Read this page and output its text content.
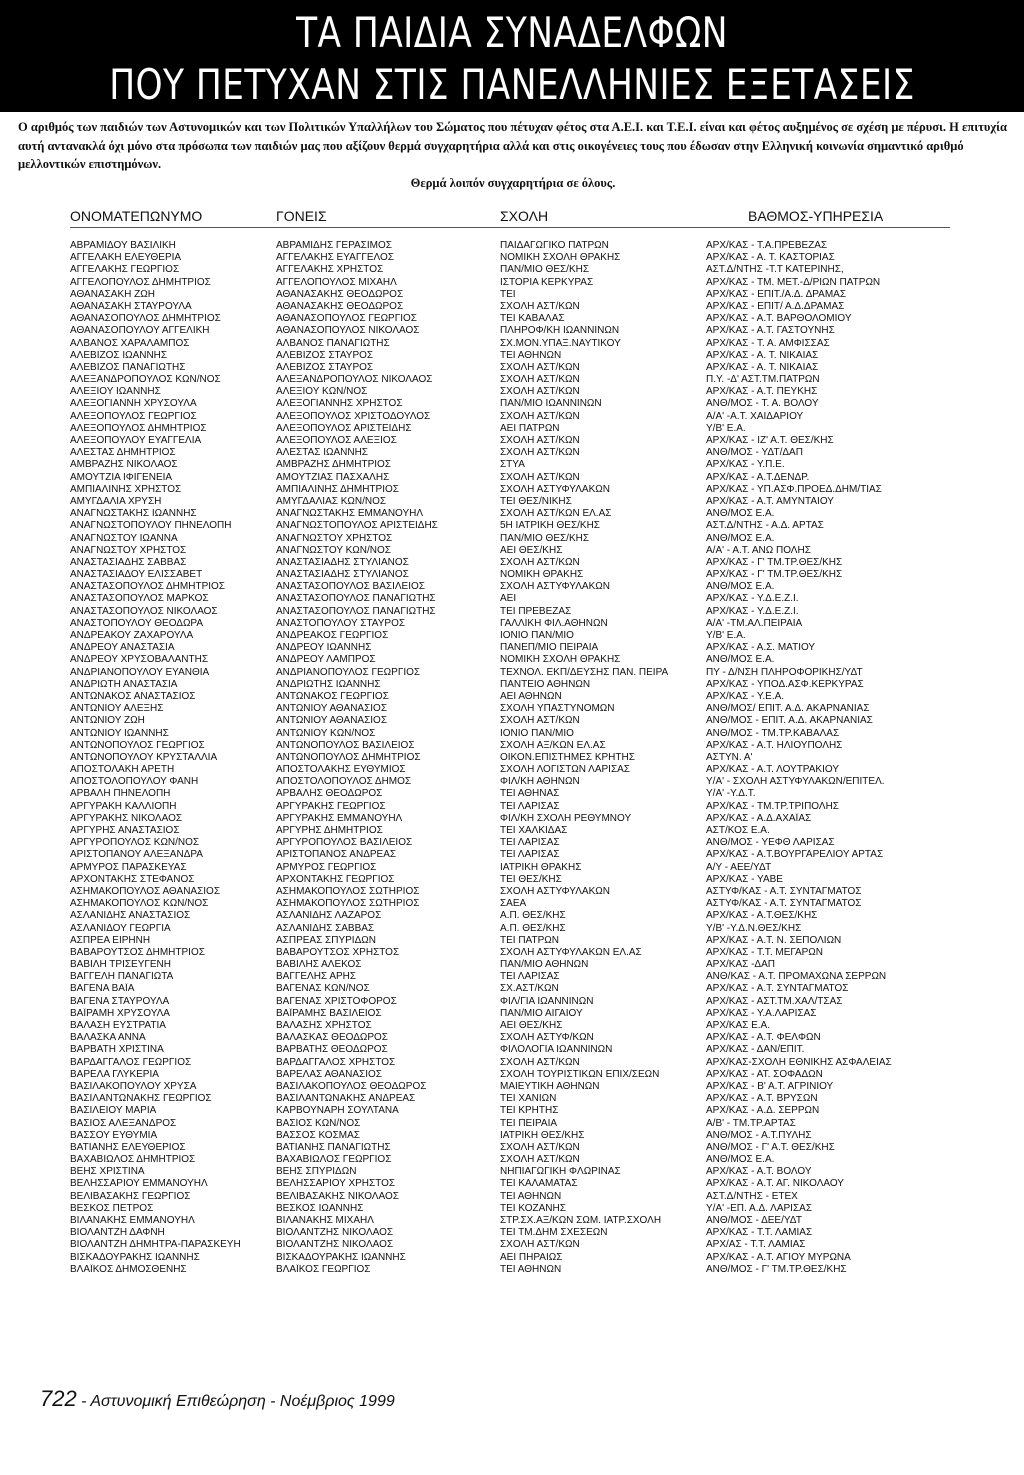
ΤΑ ΠΑΙΔΙΑ ΣΥΝΑΔΕΛΦΩΝ
ΠΟΥ ΠΕΤΥΧΑΝ ΣΤΙΣ ΠΑΝΕΛΛΗΝΙΕΣ ΕΞΕΤΑΣΕΙΣ

Ο αριθμός των παιδιών των Αστυνομικών και των Πολιτικών Υπαλλήλων του Σώματος που πέτυχαν φέτος στα Α.Ε.Ι. και Τ.Ε.Ι. είναι και φέτος αυξημένος σε σχέση με πέρυσι. Η επιτυχία αυτή αντανακλά όχι μόνο στα πρόσωπα των παιδιών μας που αξίζουν θερμά συγχαρητήρια αλλά και στις οικογένειες τους που έδωσαν στην Ελληνική κοινωνία σημαντικό αριθμό μελλοντικών επιστημόνων.

Θερμά λοιπόν συγχαρητήρια σε όλους.

ΟΝΟΜΑΤΕΠΩΝΥΜΟ	ΓΟΝΕΙΣ	ΣΧΟΛΗ	ΒΑΘΜΟΣ-ΥΠΗΡΕΣΙΑ
ΑΒΡΑΜΙΔΟΥ ΒΑΣΙΛΙΚΗ	ΑΒΡΑΜΙΔΗΣ ΓΕΡΑΣΙΜΟΣ	ΠΑΙΔΑΓΩΓΙΚΟ ΠΑΤΡΩΝ	ΑΡΧ/ΚΑΣ - Τ.Α.ΠΡΕΒΕΖΑΣ
ΑΓΓΕΛΑΚΗ ΕΛΕΥΘΕΡΙΑ	ΑΓΓΕΛΑΚΗΣ ΕΥΑΓΓΕΛΟΣ	ΝΟΜΙΚΗ ΣΧΟΛΗ ΘΡΑΚΗΣ	ΑΡΧ/ΚΑΣ - Α. Τ. ΚΑΣΤΟΡΙΑΣ
ΑΓΓΕΛΑΚΗΣ ΓΕΩΡΓΙΟΣ	ΑΓΓΕΛΑΚΗΣ ΧΡΗΣΤΟΣ	ΠΑΝ/ΜΙΟ ΘΕΣ/ΚΗΣ	ΑΣΤ.Δ/ΝΤΗΣ -Τ.Τ ΚΑΤΕΡΙΝΗΣ,
ΑΓΓΕΛΟΠΟΥΛΟΣ ΔΗΜΗΤΡΙΟΣ	ΑΓΓΕΛΟΠΟΥΛΟΣ ΜΙΧΑΗΛ	ΙΣΤΟΡΙΑ ΚΕΡΚΥΡΑΣ	ΑΡΧ/ΚΑΣ - ΤΜ. ΜΕΤ.-Δ/ΡΙΩΝ ΠΑΤΡΩΝ
ΑΘΑΝΑΣΑΚΗ ΖΩΗ	ΑΘΑΝΑΣΑΚΗΣ ΘΕΟΔΩΡΟΣ	ΤΕΙ	ΑΡΧ/ΚΑΣ - ΕΠΙΤ./Α.Δ. ΔΡΑΜΑΣ
ΑΘΑΝΑΣΑΚΗ ΣΤΑΥΡΟΥΛΑ	ΑΘΑΝΑΣΑΚΗΣ ΘΕΟΔΩΡΟΣ	ΣΧΟΛΗ ΑΣΤ/ΚΩΝ	ΑΡΧ/ΚΑΣ - ΕΠΙΤ/ Α.Δ.ΔΡΑΜΑΣ
ΑΘΑΝΑΣΟΠΟΥΛΟΣ ΔΗΜΗΤΡΙΟΣ	ΑΘΑΝΑΣΟΠΟΥΛΟΣ ΓΕΩΡΓΙΟΣ	ΤΕΙ ΚΑΒΑΛΑΣ	ΑΡΧ/ΚΑΣ - Α.Τ. ΒΑΡΘΟΛΟΜΙΟΥ
ΑΘΑΝΑΣΟΠΟΥΛΟΥ ΑΓΓΕΛΙΚΗ	ΑΘΑΝΑΣΟΠΟΥΛΟΣ ΝΙΚΟΛΑΟΣ	ΠΛΗΡΟΦ/ΚΗ ΙΩΑΝΝΙΝΩΝ	ΑΡΧ/ΚΑΣ - Α.Τ. ΓΑΣΤΟΥΝΗΣ
ΑΛΒΑΝΟΣ ΧΑΡΑΛΑΜΠΟΣ	ΑΛΒΑΝΟΣ ΠΑΝΑΓΙΩΤΗΣ	ΣΧ.ΜΟΝ.ΥΠΑΞ.ΝΑΥΤΙΚΟΥ	ΑΡΧ/ΚΑΣ - Τ. Α. ΑΜΦΙΣΣΑΣ
ΑΛΕΒΙΖΟΣ ΙΩΑΝΝΗΣ	ΑΛΕΒΙΖΟΣ ΣΤΑΥΡΟΣ	ΤΕΙ ΑΘΗΝΩΝ	ΑΡΧ/ΚΑΣ - Α. Τ. ΝΙΚΑΙΑΣ
ΑΛΕΒΙΖΟΣ ΠΑΝΑΓΙΩΤΗΣ	ΑΛΕΒΙΖΟΣ ΣΤΑΥΡΟΣ	ΣΧΟΛΗ ΑΣΤ/ΚΩΝ	ΑΡΧ/ΚΑΣ - Α. Τ. ΝΙΚΑΙΑΣ
ΑΛΕΞΑΝΔΡΟΠΟΥΛΟΣ ΚΩΝ/ΝΟΣ	ΑΛΕΞΑΝΔΡΟΠΟΥΛΟΣ ΝΙΚΟΛΑΟΣ	ΣΧΟΛΗ ΑΣΤ/ΚΩΝ	Π.Υ. -Δ' ΑΣΤ.ΤΜ.ΠΑΤΡΩΝ
ΑΛΕΞΙΟΥ ΙΩΑΝΝΗΣ	ΑΛΕΞΙΟΥ ΚΩΝ/ΝΟΣ	ΣΧΟΛΗ ΑΣΤ/ΚΩΝ	ΑΡΧ/ΚΑΣ - Α.Τ. ΠΕΥΚΗΣ
ΑΛΕΞΟΓΙΑΝΝΗ ΧΡΥΣΟΥΛΑ	ΑΛΕΞΟΓΙΑΝΝΗΣ ΧΡΗΣΤΟΣ	ΠΑΝ/ΜΙΟ ΙΩΑΝΝΙΝΩΝ	ΑΝΘ/ΜΟΣ - Τ. Α. ΒΟΛΟΥ
ΑΛΕΞΟΠΟΥΛΟΣ ΓΕΩΡΓΙΟΣ	ΑΛΕΞΟΠΟΥΛΟΣ ΧΡΙΣΤΟΔΟΥΛΟΣ	ΣΧΟΛΗ ΑΣΤ/ΚΩΝ	Α/Α' -Α.Τ. ΧΑΙΔΑΡΙΟΥ
ΑΛΕΞΟΠΟΥΛΟΣ ΔΗΜΗΤΡΙΟΣ	ΑΛΕΞΟΠΟΥΛΟΣ ΑΡΙΣΤΕΙΔΗΣ	ΑΕΙ ΠΑΤΡΩΝ	Υ/Β' Ε.Α.
ΑΛΕΞΟΠΟΥΛΟΥ ΕΥΑΓΓΕΛΙΑ	ΑΛΕΞΟΠΟΥΛΟΣ ΑΛΕΞΙΟΣ	ΣΧΟΛΗ ΑΣΤ/ΚΩΝ	ΑΡΧ/ΚΑΣ - ΙΖ' Α.Τ. ΘΕΣ/ΚΗΣ
ΑΛΕΣΤΑΣ ΔΗΜΗΤΡΙΟΣ	ΑΛΕΣΤΑΣ ΙΩΑΝΝΗΣ	ΣΧΟΛΗ ΑΣΤ/ΚΩΝ	ΑΝΘ/ΜΟΣ - ΥΔΤ/ΔΑΠ
ΑΜΒΡΑΖΗΣ ΝΙΚΟΛΑΟΣ	ΑΜΒΡΑΖΗΣ ΔΗΜΗΤΡΙΟΣ	ΣΤΥΑ	ΑΡΧ/ΚΑΣ - Υ.Π.Ε.
ΑΜΟΥΤΖΙΑ ΙΦΙΓΕΝΕΙΑ	ΑΜΟΥΤΖΙΑΣ ΠΑΣΧΑΛΗΣ	ΣΧΟΛΗ ΑΣΤ/ΚΩΝ	ΑΡΧ/ΚΑΣ - Α.Τ.ΔΕΝΔΡ.
ΑΜΠΙΑΛΙΝΗΣ ΧΡΗΣΤΟΣ	ΑΜΠΙΑΛΙΝΗΣ ΔΗΜΗΤΡΙΟΣ	ΣΧΟΛΗ ΑΣΤΥΦΥΛΑΚΩΝ	ΑΡΧ/ΚΑΣ - ΥΠ.ΑΣΦ.ΠΡΟΕΔ.ΔΗΜ/ΤΙΑΣ
ΑΜΥΓΔΑΛΙΑ ΧΡΥΣΗ	ΑΜΥΓΔΑΛΙΑΣ ΚΩΝ/ΝΟΣ	ΤΕΙ ΘΕΣ/ΝΙΚΗΣ	ΑΡΧ/ΚΑΣ - Α.Τ. ΑΜΥΝΤΑΙΟΥ
ΑΝΑΓΝΩΣΤΑΚΗΣ ΙΩΑΝΝΗΣ	ΑΝΑΓΝΩΣΤΑΚΗΣ ΕΜΜΑΝΟΥΗΛ	ΣΧΟΛΗ ΑΣΤ/ΚΩΝ ΕΛ.ΑΣ	ΑΝΘ/ΜΟΣ Ε.Α.
ΑΝΑΓΝΩΣΤΟΠΟΥΛΟΥ ΠΗΝΕΛΟΠΗ	ΑΝΑΓΝΩΣΤΟΠΟΥΛΟΣ ΑΡΙΣΤΕΙΔΗΣ	5Η ΙΑΤΡΙΚΗ ΘΕΣ/ΚΗΣ	ΑΣΤ.Δ/ΝΤΗΣ - Α.Δ. ΑΡΤΑΣ
ΑΝΑΓΝΩΣΤΟΥ ΙΩΑΝΝΑ	ΑΝΑΓΝΩΣΤΟΥ ΧΡΗΣΤΟΣ	ΠΑΝ/ΜΙΟ ΘΕΣ/ΚΗΣ	ΑΝΘ/ΜΟΣ Ε.Α.
ΑΝΑΓΝΩΣΤΟΥ ΧΡΗΣΤΟΣ	ΑΝΑΓΝΩΣΤΟΥ ΚΩΝ/ΝΟΣ	ΑΕΙ ΘΕΣ/ΚΗΣ	Α/Α' - Α.Τ. ΑΝΩ ΠΟΛΗΣ
ΑΝΑΣΤΑΣΙΑΔΗΣ ΣΑΒΒΑΣ	ΑΝΑΣΤΑΣΙΑΔΗΣ ΣΤΥΛΙΑΝΟΣ	ΣΧΟΛΗ ΑΣΤ/ΚΩΝ	ΑΡΧ/ΚΑΣ - Γ' ΤΜ.ΤΡ.ΘΕΣ/ΚΗΣ
ΑΝΑΣΤΑΣΙΑΔΟΥ ΕΛΙΣΣΑΒΕΤ	ΑΝΑΣΤΑΣΙΑΔΗΣ ΣΤΥΛΙΑΝΟΣ	ΝΟΜΙΚΗ ΘΡΑΚΗΣ	ΑΡΧ/ΚΑΣ - Γ' ΤΜ.ΤΡ.ΘΕΣ/ΚΗΣ
ΑΝΑΣΤΑΣΟΠΟΥΛΟΣ ΔΗΜΗΤΡΙΟΣ	ΑΝΑΣΤΑΣΟΠΟΥΛΟΣ ΒΑΣΙΛΕΙΟΣ	ΣΧΟΛΗ ΑΣΤΥΦΥΛΑΚΩΝ	ΑΝΘ/ΜΟΣ Ε.Α.
ΑΝΑΣΤΑΣΟΠΟΥΛΟΣ ΜΑΡΚΟΣ	ΑΝΑΣΤΑΣΟΠΟΥΛΟΣ ΠΑΝΑΓΙΩΤΗΣ	ΑΕΙ	ΑΡΧ/ΚΑΣ - Υ.Δ.Ε.Ζ.Ι.
ΑΝΑΣΤΑΣΟΠΟΥΛΟΣ ΝΙΚΟΛΑΟΣ	ΑΝΑΣΤΑΣΟΠΟΥΛΟΣ ΠΑΝΑΓΙΩΤΗΣ	ΤΕΙ ΠΡΕΒΕΖΑΣ	ΑΡΧ/ΚΑΣ - Υ.Δ.Ε.Ζ.Ι.
ΑΝΑΣΤΟΠΟΥΛΟΥ ΘΕΟΔΩΡΑ	ΑΝΑΣΤΟΠΟΥΛΟΥ ΣΤΑΥΡΟΣ	ΓΑΛΛΙΚΗ ΦΙΛ.ΑΘΗΝΩΝ	Α/Α' -ΤΜ.ΑΛ.ΠΕΙΡΑΙΑ
ΑΝΔΡΕΑΚΟΥ ΖΑΧΑΡΟΥΛΑ	ΑΝΔΡΕΑΚΟΣ ΓΕΩΡΓΙΟΣ	ΙΟΝΙΟ ΠΑΝ/ΜΙΟ	Υ/Β' Ε.Α.
ΑΝΔΡΕΟΥ ΑΝΑΣΤΑΣΙΑ	ΑΝΔΡΕΟΥ ΙΩΑΝΝΗΣ	ΠΑΝΕΠ/ΜΙΟ ΠΕΙΡΑΙΑ	ΑΡΧ/ΚΑΣ - Α.Σ. ΜΑΤΙΟΥ
ΑΝΔΡΕΟΥ ΧΡΥΣΟΒΑΛΑΝΤΗΣ	ΑΝΔΡΕΟΥ ΛΑΜΠΡΟΣ	ΝΟΜΙΚΗ ΣΧΟΛΗ ΘΡΑΚΗΣ	ΑΝΘ/ΜΟΣ Ε.Α.
ΑΝΔΡΙΑΝΟΠΟΥΛΟΥ ΕΥΑΝΘΙΑ	ΑΝΔΡΙΑΝΟΠΟΥΛΟΣ ΓΕΩΡΓΙΟΣ	ΤΕΧΝΟΛ. ΕΚΠ/ΔΕΥΣΗΣ ΠΑΝ. ΠΕΙΡΑ	ΠΥ - Δ/ΝΣΗ ΠΛΗΡΟΦΟΡΙΚΗΣ/ΥΔΤ
ΑΝΔΡΙΩΤΗ ΑΝΑΣΤΑΣΙΑ	ΑΝΔΡΙΩΤΗΣ ΙΩΑΝΝΗΣ	ΠΑΝΤΕΙΟ ΑΘΗΝΩΝ	ΑΡΧ/ΚΑΣ - ΥΠΟΔ.ΑΣΦ.ΚΕΡΚΥΡΑΣ
ΑΝΤΩΝΑΚΟΣ ΑΝΑΣΤΑΣΙΟΣ	ΑΝΤΩΝΑΚΟΣ ΓΕΩΡΓΙΟΣ	ΑΕΙ ΑΘΗΝΩΝ	ΑΡΧ/ΚΑΣ - Υ.Ε.Α.
ΑΝΤΩΝΙΟΥ ΑΛΕΞΗΣ	ΑΝΤΩΝΙΟΥ ΑΘΑΝΑΣΙΟΣ	ΣΧΟΛΗ ΥΠΑΣΤΥΝΟΜΩΝ	ΑΝΘ/ΜΟΣ/ ΕΠΙΤ. Α.Δ. ΑΚΑΡΝΑΝΙΑΣ
ΑΝΤΩΝΙΟΥ ΖΩΗ	ΑΝΤΩΝΙΟΥ ΑΘΑΝΑΣΙΟΣ	ΣΧΟΛΗ ΑΣΤ/ΚΩΝ	ΑΝΘ/ΜΟΣ - ΕΠΙΤ. Α.Δ. ΑΚΑΡΝΑΝΙΑΣ
ΑΝΤΩΝΙΟΥ ΙΩΑΝΝΗΣ	ΑΝΤΩΝΙΟΥ ΚΩΝ/ΝΟΣ	ΙΟΝΙΟ ΠΑΝ/ΜΙΟ	ΑΝΘ/ΜΟΣ - ΤΜ.ΤΡ.ΚΑΒΑΛΑΣ
ΑΝΤΩΝΟΠΟΥΛΟΣ ΓΕΩΡΓΙΟΣ	ΑΝΤΩΝΟΠΟΥΛΟΣ ΒΑΣΙΛΕΙΟΣ	ΣΧΟΛΗ ΑΞ/ΚΩΝ ΕΛ.ΑΣ	ΑΡΧ/ΚΑΣ - Α.Τ. ΗΛΙΟΥΠΟΛΗΣ
ΑΝΤΩΝΟΠΟΥΛΟΥ ΚΡΥΣΤΑΛΛΙΑ	ΑΝΤΩΝΟΠΟΥΛΟΣ ΔΗΜΗΤΡΙΟΣ	ΟΙΚΟΝ.ΕΠΙΣΤΗΜΕΣ ΚΡΗΤΗΣ	ΑΣΤΥΝ. Α'
ΑΠΟΣΤΟΛΑΚΗ ΑΡΕΤΗ	ΑΠΟΣΤΟΛΑΚΗΣ ΕΥΘΥΜΙΟΣ	ΣΧΟΛΗ ΛΟΓΙΣΤΩΝ ΛΑΡΙΣΑΣ	ΑΡΧ/ΚΑΣ - Α.Τ. ΛΟΥΤΡΑΚΙΟΥ
ΑΠΟΣΤΟΛΟΠΟΥΛΟΥ ΦΑΝΗ	ΑΠΟΣΤΟΛΟΠΟΥΛΟΣ ΔΗΜΟΣ	ΦΙΛ/ΚΗ ΑΘΗΝΩΝ	Υ/Α' - ΣΧΟΛΗ ΑΣΤΥΦΥΛΑΚΩΝ/ΕΠΙΤΕΛ.
ΑΡΒΑΛΗ ΠΗΝΕΛΟΠΗ	ΑΡΒΑΛΗΣ ΘΕΟΔΩΡΟΣ	ΤΕΙ ΑΘΗΝΑΣ	Υ/Α' -Υ.Δ.Τ.
ΑΡΓΥΡΑΚΗ ΚΑΛΛΙΟΠΗ	ΑΡΓΥΡΑΚΗΣ ΓΕΩΡΓΙΟΣ	ΤΕΙ ΛΑΡΙΣΑΣ	ΑΡΧ/ΚΑΣ - ΤΜ.ΤΡ.ΤΡΙΠΟΛΗΣ
ΑΡΓΥΡΑΚΗΣ ΝΙΚΟΛΑΟΣ	ΑΡΓΥΡΑΚΗΣ ΕΜΜΑΝΟΥΗΛ	ΦΙΛ/ΚΗ ΣΧΟΛΗ ΡΕΘΥΜΝΟΥ	ΑΡΧ/ΚΑΣ - Α.Δ.ΑΧΑΪΑΣ
ΑΡΓΥΡΗΣ ΑΝΑΣΤΑΣΙΟΣ	ΑΡΓΥΡΗΣ ΔΗΜΗΤΡΙΟΣ	ΤΕΙ ΧΑΛΚΙΔΑΣ	ΑΣΤ/ΚΟΣ Ε.Α.
ΑΡΓΥΡΟΠΟΥΛΟΣ ΚΩΝ/ΝΟΣ	ΑΡΓΥΡΟΠΟΥΛΟΣ ΒΑΣΙΛΕΙΟΣ	ΤΕΙ ΛΑΡΙΣΑΣ	ΑΝΘ/ΜΟΣ - ΥΕΦΘ ΛΑΡΙΣΑΣ
ΑΡΙΣΤΟΠΑΝΟΥ ΑΛΕΞΑΝΔΡΑ	ΑΡΙΣΤΟΠΑΝΟΣ ΑΝΔΡΕΑΣ	ΤΕΙ ΛΑΡΙΣΑΣ	ΑΡΧ/ΚΑΣ - Α.Τ.ΒΟΥΡΓΑΡΕΛΙΟΥ ΑΡΤΑΣ
ΑΡΜΥΡΟΣ ΠΑΡΑΣΚΕΥΑΣ	ΑΡΜΥΡΟΣ ΓΕΩΡΓΙΟΣ	ΙΑΤΡΙΚΗ ΘΡΑΚΗΣ	Α/Υ - ΑΕΕ/ΥΔΤ
ΑΡΧΟΝΤΑΚΗΣ ΣΤΕΦΑΝΟΣ	ΑΡΧΟΝΤΑΚΗΣ ΓΕΩΡΓΙΟΣ	ΤΕΙ ΘΕΣ/ΚΗΣ	ΑΡΧ/ΚΑΣ - ΥΑΒΕ
ΑΣΗΜΑΚΟΠΟΥΛΟΣ ΑΘΑΝΑΣΙΟΣ	ΑΣΗΜΑΚΟΠΟΥΛΟΣ ΣΩΤΗΡΙΟΣ	ΣΧΟΛΗ ΑΣΤΥΦΥΛΑΚΩΝ	ΑΣΤΥΦ/ΚΑΣ - Α.Τ. ΣΥΝΤΑΓΜΑΤΟΣ
ΑΣΗΜΑΚΟΠΟΥΛΟΣ ΚΩΝ/ΝΟΣ	ΑΣΗΜΑΚΟΠΟΥΛΟΣ ΣΩΤΗΡΙΟΣ	ΣΑΕΑ	ΑΣΤΥΦ/ΚΑΣ - Α.Τ. ΣΥΝΤΑΓΜΑΤΟΣ
ΑΣΛΑΝΙΔΗΣ ΑΝΑΣΤΑΣΙΟΣ	ΑΣΛΑΝΙΔΗΣ ΛΑΖΑΡΟΣ	Α.Π. ΘΕΣ/ΚΗΣ	ΑΡΧ/ΚΑΣ - Α.Τ.ΘΕΣ/ΚΗΣ
ΑΣΛΑΝΙΔΟΥ ΓΕΩΡΓΙΑ	ΑΣΛΑΝΙΔΗΣ ΣΑΒΒΑΣ	Α.Π. ΘΕΣ/ΚΗΣ	Υ/Β' -Υ.Δ.Ν.ΘΕΣ/ΚΗΣ
ΑΣΠΡΕΑ ΕΙΡΗΝΗ	ΑΣΠΡΕΑΣ ΣΠΥΡΙΔΩΝ	ΤΕΙ ΠΑΤΡΩΝ	ΑΡΧ/ΚΑΣ - Α.Τ. Ν. ΣΕΠΟΛΙΩΝ
ΒΑΒΑΡΟΥΤΣΟΣ ΔΗΜΗΤΡΙΟΣ	ΒΑΒΑΡΟΥΤΣΟΣ ΧΡΗΣΤΟΣ	ΣΧΟΛΗ ΑΣΤΥΦΥΛΑΚΩΝ ΕΛ.ΑΣ	ΑΡΧ/ΚΑΣ - Τ.Τ. ΜΕΓΑΡΩΝ
ΒΑΒΙΛΗ ΤΡΙΣΕΥΓΕΝΗ	ΒΑΒΙΛΗΣ ΑΛΕΚΟΣ	ΠΑΝ/ΜΙΟ ΑΘΗΝΩΝ	ΑΡΧ/ΚΑΣ -ΔΑΠ
ΒΑΓΓΕΛΗ ΠΑΝΑΓΙΩΤΑ	ΒΑΓΓΕΛΗΣ ΑΡΗΣ	ΤΕΙ ΛΑΡΙΣΑΣ	ΑΝΘ/ΚΑΣ - Α.Τ. ΠΡΟΜΑΧΩΝΑ ΣΕΡΡΩΝ
ΒΑΓΕΝΑ ΒΑΪΑ	ΒΑΓΕΝΑΣ ΚΩΝ/ΝΟΣ	ΣΧ.ΑΣΤ/ΚΩΝ	ΑΡΧ/ΚΑΣ - Α.Τ. ΣΥΝΤΑΓΜΑΤΟΣ
ΒΑΓΕΝΑ ΣΤΑΥΡΟΥΛΑ	ΒΑΓΕΝΑΣ ΧΡΙΣΤΟΦΟΡΟΣ	ΦΙΛ/ΓΙΑ ΙΩΑΝΝΙΝΩΝ	ΑΡΧ/ΚΑΣ - ΑΣΤ.ΤΜ.ΧΑΛ/ΤΣΑΣ
ΒΑΪΡΑΜΗ ΧΡΥΣΟΥΛΑ	ΒΑΪΡΑΜΗΣ ΒΑΣΙΛΕΙΟΣ	ΠΑΝ/ΜΙΟ ΑΙΓΑΙΟΥ	ΑΡΧ/ΚΑΣ - Υ.Α.ΛΑΡΙΣΑΣ
ΒΑΛΑΣΗ ΕΥΣΤΡΑΤΙΑ	ΒΑΛΑΣΗΣ ΧΡΗΣΤΟΣ	ΑΕΙ ΘΕΣ/ΚΗΣ	ΑΡΧ/ΚΑΣ Ε.Α.
ΒΑΛΑΣΚΑ ΑΝΝΑ	ΒΑΛΑΣΚΑΣ ΘΕΟΔΩΡΟΣ	ΣΧΟΛΗ ΑΣΤΥΦ/ΚΩΝ	ΑΡΧ/ΚΑΣ - Α.Τ. ΦΕΛΦΩΝ
ΒΑΡΒΑΤΗ ΧΡΙΣΤΙΝΑ	ΒΑΡΒΑΤΗΣ ΘΕΟΔΩΡΟΣ	ΦΙΛΟΛΟΓΙΑ ΙΩΑΝΝΙΝΩΝ	ΑΡΧ/ΚΑΣ - ΔΑΝ/ΕΠΙΤ.
ΒΑΡΔΑΓΓΑΛΟΣ ΓΕΩΡΓΙΟΣ	ΒΑΡΔΑΓΓΑΛΟΣ ΧΡΗΣΤΟΣ	ΣΧΟΛΗ ΑΣΤ/ΚΩΝ	ΑΡΧ/ΚΑΣ-ΣΧΟΛΗ ΕΘΝΙΚΗΣ ΑΣΦΑΛΕΙΑΣ
ΒΑΡΕΛΑ ΓΛΥΚΕΡΙΑ	ΒΑΡΕΛΑΣ ΑΘΑΝΑΣΙΟΣ	ΣΧΟΛΗ ΤΟΥΡΙΣΤΙΚΩΝ ΕΠΙΧ/ΣΕΩΝ	ΑΡΧ/ΚΑΣ - ΑΤ. ΣΟΦΑΔΩΝ
ΒΑΣΙΛΑΚΟΠΟΥΛΟΥ ΧΡΥΣΑ	ΒΑΣΙΛΑΚΟΠΟΥΛΟΣ ΘΕΟΔΩΡΟΣ	ΜΑΙΕΥΤΙΚΗ ΑΘΗΝΩΝ	ΑΡΧ/ΚΑΣ - Β' Α.Τ. ΑΓΡΙΝΙΟΥ
ΒΑΣΙΛΑΝΤΩΝΑΚΗΣ ΓΕΩΡΓΙΟΣ	ΒΑΣΙΛΑΝΤΩΝΑΚΗΣ ΑΝΔΡΕΑΣ	ΤΕΙ ΧΑΝΙΩΝ	ΑΡΧ/ΚΑΣ - Α.Τ. ΒΡΥΣΩΝ
ΒΑΣΙΛΕΙΟΥ ΜΑΡΙΑ	ΚΑΡΒΟΥΝΑΡΗ ΣΟΥΛΤΑΝΑ	ΤΕΙ ΚΡΗΤΗΣ	ΑΡΧ/ΚΑΣ - Α.Δ. ΣΕΡΡΩΝ
ΒΑΣΙΟΣ ΑΛΕΞΑΝΔΡΟΣ	ΒΑΣΙΟΣ ΚΩΝ/ΝΟΣ	ΤΕΙ ΠΕΙΡΑΙΑ	Α/Β' - ΤΜ.ΤΡ.ΑΡΤΑΣ
ΒΑΣΣΟΥ ΕΥΘΥΜΙΑ	ΒΑΣΣΟΣ ΚΟΣΜΑΣ	ΙΑΤΡΙΚΗ ΘΕΣ/ΚΗΣ	ΑΝΘ/ΜΟΣ - Α.Τ.ΠΥΛΗΣ
ΒΑΤΙΑΝΗΣ ΕΛΕΥΘΕΡΙΟΣ	ΒΑΤΙΑΝΗΣ ΠΑΝΑΓΙΩΤΗΣ	ΣΧΟΛΗ ΑΣΤ/ΚΩΝ	ΑΝΘ/ΜΟΣ - Γ' Α.Τ. ΘΕΣ/ΚΗΣ
ΒΑΧΑΒΙΩΛΟΣ ΔΗΜΗΤΡΙΟΣ	ΒΑΧΑΒΙΩΛΟΣ ΓΕΩΡΓΙΟΣ	ΣΧΟΛΗ ΑΣΤ/ΚΩΝ	ΑΝΘ/ΜΟΣ Ε.Α.
ΒΕΗΣ ΧΡΙΣΤΙΝΑ	ΒΕΗΣ ΣΠΥΡΙΔΩΝ	ΝΗΠΙΑΓΩΓΙΚΗ ΦΛΩΡΙΝΑΣ	ΑΡΧ/ΚΑΣ - Α.Τ. ΒΟΛΟΥ
ΒΕΛΗΣΣΑΡΙΟΥ ΕΜΜΑΝΟΥΗΛ	ΒΕΛΗΣΣΑΡΙΟΥ ΧΡΗΣΤΟΣ	ΤΕΙ ΚΑΛΑΜΑΤΑΣ	ΑΡΧ/ΚΑΣ - Α.Τ. ΑΓ. ΝΙΚΟΛΑΟΥ
ΒΕΛΙΒΑΣΑΚΗΣ ΓΕΩΡΓΙΟΣ	ΒΕΛΙΒΑΣΑΚΗΣ ΝΙΚΟΛΑΟΣ	ΤΕΙ ΑΘΗΝΩΝ	ΑΣΤ.Δ/ΝΤΗΣ - ΕΤΕΧ
ΒΕΣΚΟΣ ΠΕΤΡΟΣ	ΒΕΣΚΟΣ ΙΩΑΝΝΗΣ	ΤΕΙ ΚΟΖΑΝΗΣ	Υ/Α' -ΕΠ. Α.Δ. ΛΑΡΙΣΑΣ
ΒΙΛΑΝΑΚΗΣ ΕΜΜΑΝΟΥΗΛ	ΒΙΛΑΝΑΚΗΣ ΜΙΧΑΗΛ	ΣΤΡ.ΣΧ.ΑΞ/ΚΩΝ ΣΩΜ. ΙΑΤΡ.ΣΧΟΛΗ	ΑΝΘ/ΜΟΣ - ΔΕΕ/ΥΔΤ
ΒΙΟΛΑΝΤΖΗ ΔΑΦΝΗ	ΒΙΟΛΑΝΤΖΗΣ ΝΙΚΟΛΑΟΣ	ΤΕΙ ΤΜ.ΔΗΜ ΣΧΕΣΕΩΝ	ΑΡΧ/ΚΑΣ - Τ.Τ. ΛΑΜΙΑΣ
ΒΙΟΛΑΝΤΖΗ ΔΗΜΗΤΡΑ-ΠΑΡΑΣΚΕΥΗ	ΒΙΟΛΑΝΤΖΗΣ ΝΙΚΟΛΑΟΣ	ΣΧΟΛΗ ΑΣΤ/ΚΩΝ	ΑΡΧ/ΑΣ - Τ.Τ. ΛΑΜΙΑΣ
ΒΙΣΚΑΔΟΥΡΑΚΗΣ ΙΩΑΝΝΗΣ	ΒΙΣΚΑΔΟΥΡΑΚΗΣ ΙΩΑΝΝΗΣ	ΑΕΙ ΠΗΡΑΙΩΣ	ΑΡΧ/ΚΑΣ - Α.Τ. ΑΓΙΟΥ ΜΥΡΩΝΑ
ΒΛΑΪΚΟΣ ΔΗΜΟΣΘΕΝΗΣ	ΒΛΑΪΚΟΣ ΓΕΩΡΓΙΟΣ	ΤΕΙ ΑΘΗΝΩΝ	ΑΝΘ/ΜΟΣ - Γ' ΤΜ.ΤΡ.ΘΕΣ/ΚΗΣ
722 - Αστυνομική Επιθεώρηση - Νοέμβριος 1999
